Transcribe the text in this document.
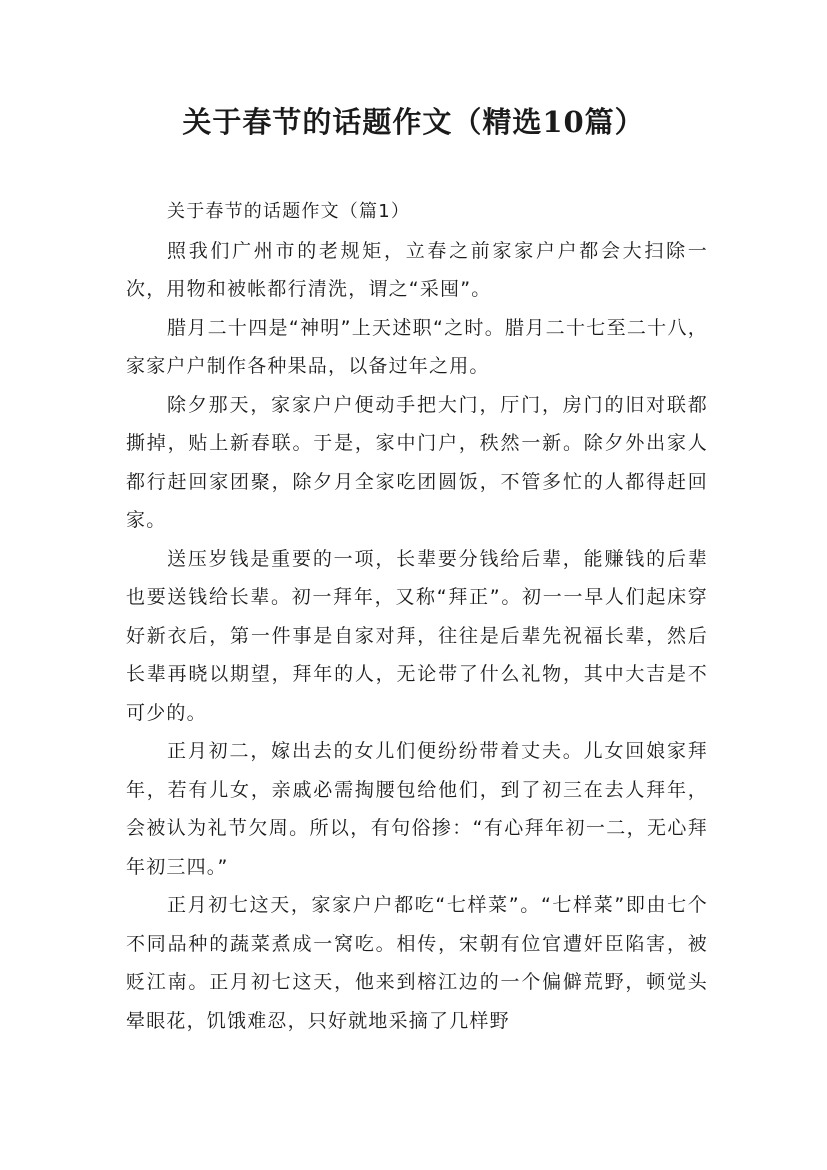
关于春节的话题作文（精选10篇）

关于春节的话题作文（篇1）

照我们广州市的老规矩，立春之前家家户户都会大扫除一次，用物和被帐都行清洗，谓之“采囤”。

腊月二十四是“神明”上天述职“之时。腊月二十七至二十八，家家户户制作各种果品，以备过年之用。

除夕那天，家家户户便动手把大门，厅门，房门的旧对联都撕掉，贴上新春联。于是，家中门户，秩然一新。除夕外出家人都行赶回家团聚，除夕月全家吃团圆饭，不管多忙的人都得赶回家。

送压岁钱是重要的一项，长辈要分钱给后辈，能赚钱的后辈也要送钱给长辈。初一拜年，又称“拜正”。初一一早人们起床穿好新衣后，第一件事是自家对拜，往往是后辈先祝福长辈，然后长辈再晓以期望，拜年的人，无论带了什么礼物，其中大吉是不可少的。

正月初二，嫁出去的女儿们便纷纷带着丈夫。儿女回娘家拜年，若有儿女，亲戚必需掏腰包给他们，到了初三在去人拜年，会被认为礼节欠周。所以，有句俗掺：“有心拜年初一二，无心拜年初三四。”

正月初七这天，家家户户都吃“七样菜”。“七样菜”即由七个不同品种的蔬菜煮成一窝吃。相传，宋朝有位官遭奸臣陷害，被贬江南。正月初七这天，他来到榕江边的一个偏僻荒野，顿觉头晕眼花，饥饿难忍，只好就地采摘了几样野
